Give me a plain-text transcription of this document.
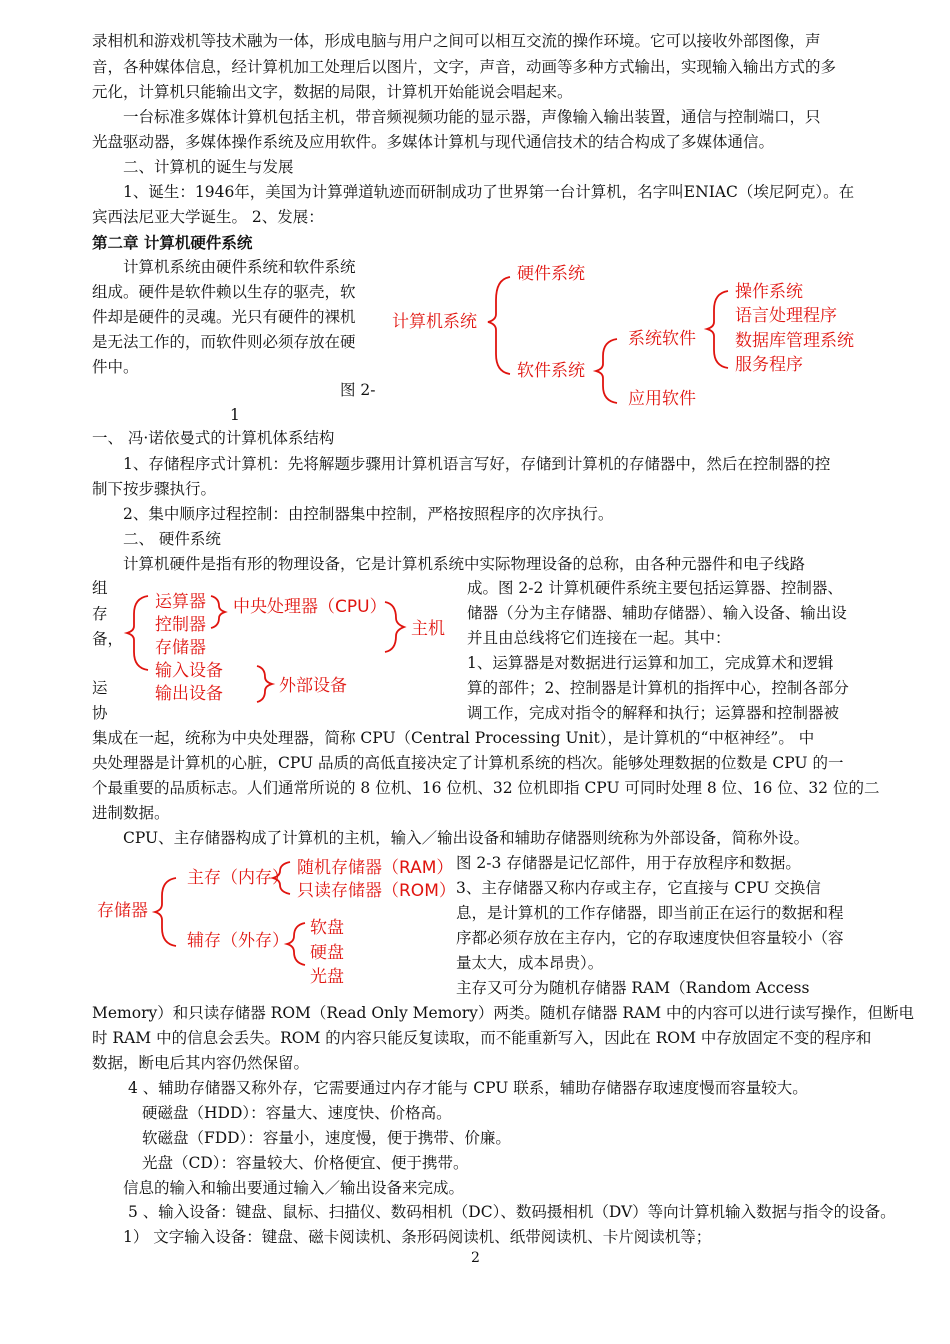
录相机和游戏机等技术融为一体，形成电脑与用户之间可以相互交流的操作环境。它可以接收外部图像，声
音，各种媒体信息，经计算机加工处理后以图片，文字，声音，动画等多种方式输出，实现输入输出方式的多
元化，计算机只能输出文字，数据的局限，计算机开始能说会唱起来。
一台标准多媒体计算机包括主机，带音频视频功能的显示器，声像输入输出装置，通信与控制端口，只
光盘驱动器，多媒体操作系统及应用软件。多媒体计算机与现代通信技术的结合构成了多媒体通信。
二、计算机的诞生与发展
1、诞生：1946年，美国为计算弹道轨迹而研制成功了世界第一台计算机，名字叫ENIAC（埃尼阿克）。在
宾西法尼亚大学诞生。 2、发展：
第二章 计算机硬件系统
计算机系统由硬件系统和软件系统
组成。硬件是软件赖以生存的驱壳，软
件却是硬件的灵魂。光只有硬件的裸机
是无法工作的，而软件则必须存放在硬
件中。
图 2-
1
计算机系统
硬件系统
软件系统
系统软件
应用软件
操作系统
语言处理程序
数据库管理系统
服务程序
一、 冯·诺依曼式的计算机体系结构
1、存储程序式计算机：先将解题步骤用计算机语言写好，存储到计算机的存储器中，然后在控制器的控
制下按步骤执行。
2、集中顺序过程控制：由控制器集中控制，严格按照程序的次序执行。
二、 硬件系统
计算机硬件是指有形的物理设备，它是计算机系统中实际物理设备的总称，由各种元器件和电子线路
组
存
备，
运
协
成。图 2-2 计算机硬件系统主要包括运算器、控制器、
储器（分为主存储器、辅助存储器）、输入设备、输出设
并且由总线将它们连接在一起。其中：
1、运算器是对数据进行运算和加工，完成算术和逻辑
算的部件；2、控制器是计算机的指挥中心，控制各部分
调工作，完成对指令的解释和执行；运算器和控制器被
运算器
控制器
存储器
输入设备
输出设备
中央处理器（CPU）
主机
外部设备
集成在一起，统称为中央处理器，简称 CPU（Central Processing Unit），是计算机的“中枢神经”。 中
央处理器是计算机的心脏，CPU 品质的高低直接决定了计算机系统的档次。能够处理数据的位数是 CPU 的一
个最重要的品质标志。人们通常所说的 8 位机、16 位机、32 位机即指 CPU 可同时处理 8 位、16 位、32 位的二
进制数据。
CPU、主存储器构成了计算机的主机，输入／输出设备和辅助存储器则统称为外部设备，简称外设。
图 2-3 存储器是记忆部件，用于存放程序和数据。
3、主存储器又称内存或主存，它直接与 CPU 交换信
息，是计算机的工作存储器，即当前正在运行的数据和程
序都必须存放在主存内，它的存取速度快但容量较小（容
量太大，成本昂贵）。
主存又可分为随机存储器 RAM（Random Access
存储器
主存（内存）
辅存（外存）
随机存储器（RAM）
只读存储器（ROM）
软盘
硬盘
光盘
Memory）和只读存储器 ROM（Read Only Memory）两类。随机存储器 RAM 中的内容可以进行读写操作，但断电
时 RAM 中的信息会丢失。ROM 的内容只能反复读取，而不能重新写入，因此在 ROM 中存放固定不变的程序和
数据，断电后其内容仍然保留。
4 、辅助存储器又称外存，它需要通过内存才能与 CPU 联系，辅助存储器存取速度慢而容量较大。
硬磁盘（HDD）：容量大、速度快、价格高。
软磁盘（FDD）：容量小，速度慢，便于携带、价廉。
光盘（CD）：容量较大、价格便宜、便于携带。
信息的输入和输出要通过输入／输出设备来完成。
5 、输入设备：键盘、鼠标、扫描仪、数码相机（DC）、数码摄相机（DV）等向计算机输入数据与指令的设备。
1） 文字输入设备：键盘、磁卡阅读机、条形码阅读机、纸带阅读机、卡片阅读机等；
2
